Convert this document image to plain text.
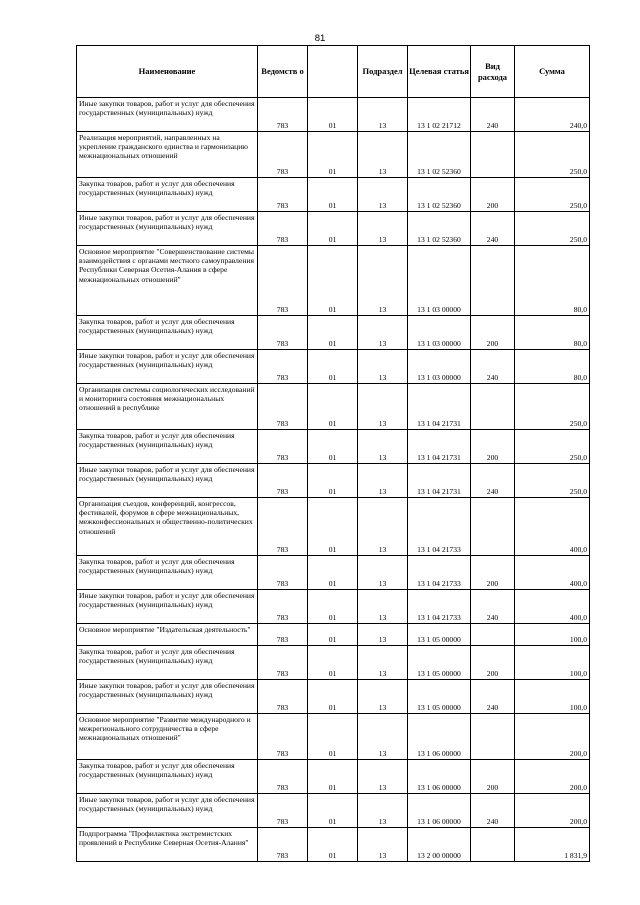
81
Наименование	Ведомств о		Подраздел	Целевая статья	Вид расхода	Сумма
Иные закупки товаров, работ и услуг для обеспечения государственных (муниципальных) нужд	783	01	13	13 1 02 21712	240	240,0
Реализация мероприятий, направленных на укрепление гражданского единства и гармонизацию межнациональных отношений	783	01	13	13 1 02 52360		250,0
Закупка товаров, работ и услуг для обеспечения государственных (муниципальных) нужд	783	01	13	13 1 02 52360	200	250,0
Иные закупки товаров, работ и услуг для обеспечения государственных (муниципальных) нужд	783	01	13	13 1 02 52360	240	250,0
Основное мероприятие "Совершенствование системы взаимодействия с органами местного самоуправления Республики Северная Осетия-Алания в сфере межнациональных отношений"	783	01	13	13 1 03 00000		80,0
Закупка товаров, работ и услуг для обеспечения государственных (муниципальных) нужд	783	01	13	13 1 03 00000	200	80,0
Иные закупки товаров, работ и услуг для обеспечения государственных (муниципальных) нужд	783	01	13	13 1 03 00000	240	80,0
Организация системы социологических исследований и мониторинга состояния межнациональных отношений в республике	783	01	13	13 1 04 21731		250,0
Закупка товаров, работ и услуг для обеспечения государственных (муниципальных) нужд	783	01	13	13 1 04 21731	200	250,0
Иные закупки товаров, работ и услуг для обеспечения государственных (муниципальных) нужд	783	01	13	13 1 04 21731	240	250,0
Организация съездов, конференций, конгрессов, фестивалей, форумов в сфере межнациональных, межконфессиональных и общественно-политических отношений	783	01	13	13 1 04 21733		400,0
Закупка товаров, работ и услуг для обеспечения государственных (муниципальных) нужд	783	01	13	13 1 04 21733	200	400,0
Иные закупки товаров, работ и услуг для обеспечения государственных (муниципальных) нужд	783	01	13	13 1 04 21733	240	400,0
Основное мероприятие "Издательская деятельность"	783	01	13	13 1 05 00000		100,0
Закупка товаров, работ и услуг для обеспечения государственных (муниципальных) нужд	783	01	13	13 1 05 00000	200	100,0
Иные закупки товаров, работ и услуг для обеспечения государственных (муниципальных) нужд	783	01	13	13 1 05 00000	240	100,0
Основное мероприятие "Развитие международного и межрегионального сотрудничества в сфере межнациональных отношений"	783	01	13	13 1 06 00000		200,0
Закупка товаров, работ и услуг для обеспечения государственных (муниципальных) нужд	783	01	13	13 1 06 00000	200	200,0
Иные закупки товаров, работ и услуг для обеспечения государственных (муниципальных) нужд	783	01	13	13 1 06 00000	240	200,0
Подпрограмма "Профилактика экстремистских проявлений в Республике Северная Осетия-Алания"	783	01	13	13 2 00 00000		1 831,9
